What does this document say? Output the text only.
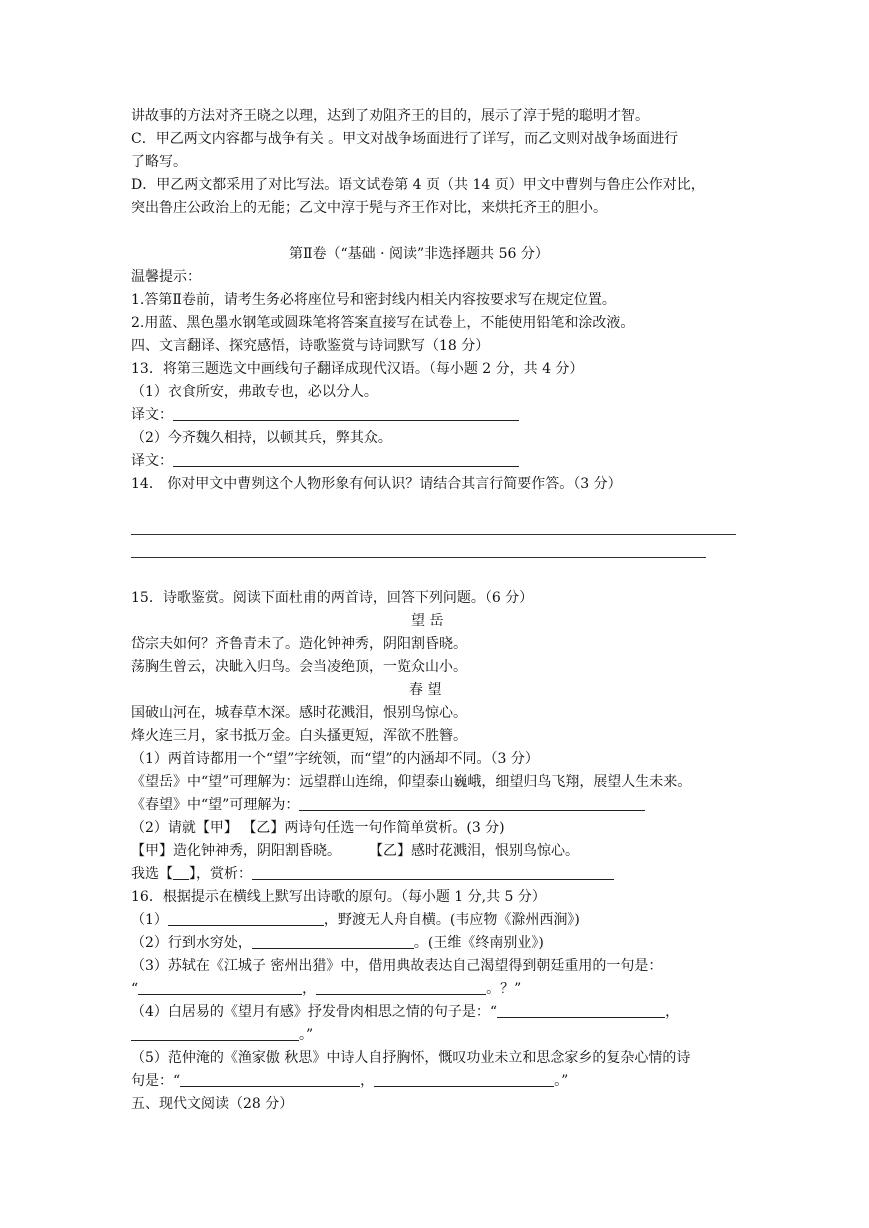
讲故事的方法对齐王晓之以理，达到了劝阻齐王的目的，展示了淳于髡的聪明才智。
C．甲乙两文内容都与战争有关 。甲文对战争场面进行了详写，而乙文则对战争场面进行
了略写。
D．甲乙两文都采用了对比写法。语文试卷第 4 页（共 14 页）甲文中曹刿与鲁庄公作对比，
突出鲁庄公政治上的无能；乙文中淳于髡与齐王作对比，来烘托齐王的胆小。
第Ⅱ卷（“基础 · 阅读”非选择题共 56 分）
温馨提示：
1.答第Ⅱ卷前，请考生务必将座位号和密封线内相关内容按要求写在规定位置。
2.用蓝、黑色墨水钢笔或圆珠笔将答案直接写在试卷上，不能使用铅笔和涂改液。
四、文言翻译、探究感悟，诗歌鉴赏与诗词默写（18 分）
13．将第三题选文中画线句子翻译成现代汉语。（每小题 2 分，共 4 分）
（1）衣食所安，弗敢专也，必以分人。
译文：
（2）今齐魏久相持，以顿其兵，弊其众。
译文：
14． 你对甲文中曹刿这个人物形象有何认识？请结合其言行简要作答。（3 分）
15．诗歌鉴赏。阅读下面杜甫的两首诗，回答下列问题。（6 分）
望 岳
岱宗夫如何？齐鲁青未了。造化钟神秀，阴阳割昏晓。
荡胸生曾云，决眦入归鸟。会当凌绝顶，一览众山小。
春 望
国破山河在，城春草木深。感时花溅泪，恨别鸟惊心。
烽火连三月，家书抵万金。白头搔更短，浑欲不胜簪。
（1）两首诗都用一个“望”字统领，而“望”的内涵却不同。（3 分）
《望岳》中“望”可理解为：远望群山连绵，仰望泰山巍峨，细望归鸟飞翔，展望人生未来。
《春望》中“望”可理解为：
（2）请就【甲】 【乙】两诗句任选一句作简单赏析。(3 分)
【甲】造化钟神秀，阴阳割昏晓。 【乙】感时花溅泪，恨别鸟惊心。
我选【 】，赏析：
16．根据提示在横线上默写出诗歌的原句。（每小题 1 分,共 5 分）
（1）	，野渡无人舟自横。(韦应物《滁州西涧》)
（2）行到水穷处，	。(王维《终南别业》)
（3）苏轼在《江城子 密州出猎》中，借用典故表达自己渴望得到朝廷重用的一句是：
“	，	。？”
（4）白居易的《望月有感》抒发骨肉相思之情的句子是：“	，
。”
（5）范仲淹的《渔家傲 秋思》中诗人自抒胸怀，慨叹功业未立和思念家乡的复杂心情的诗
句是：“	，	。”
五、现代文阅读（28 分）
